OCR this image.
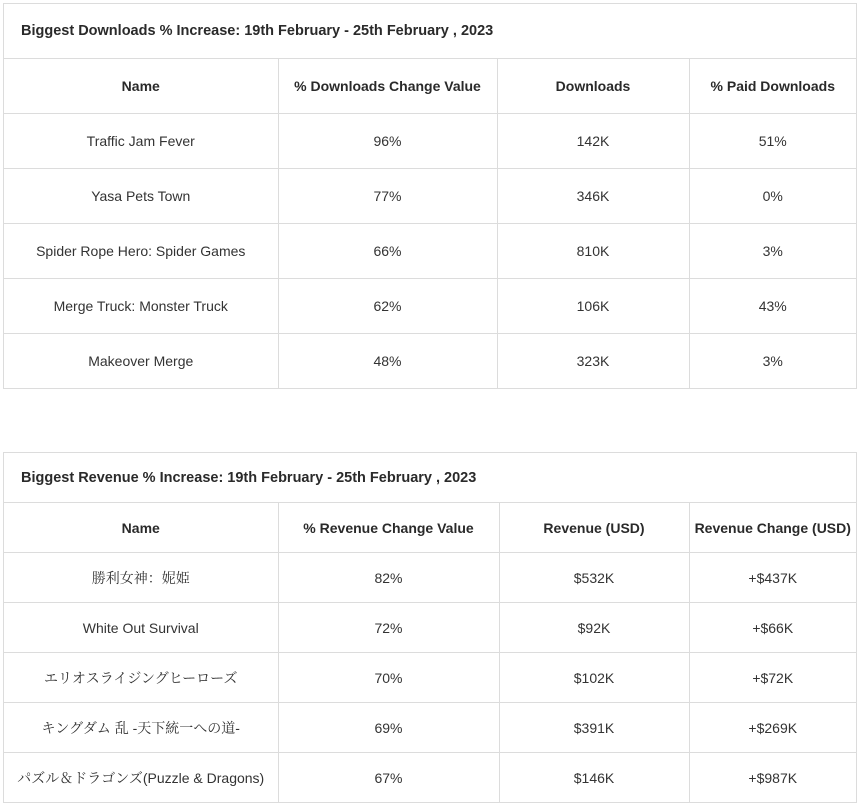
Biggest Downloads % Increase: 19th February - 25th February , 2023
Name	% Downloads Change Value	Downloads	% Paid Downloads
Traffic Jam Fever	96%	142K	51%
Yasa Pets Town	77%	346K	0%
Spider Rope Hero: Spider Games	66%	810K	3%
Merge Truck: Monster Truck	62%	106K	43%
Makeover Merge	48%	323K	3%
Biggest Revenue % Increase: 19th February - 25th February , 2023
Name	% Revenue Change Value	Revenue (USD)	Revenue Change (USD)
勝利女神：妮姫	82%	$532K	+$437K
White Out Survival	72%	$92K	+$66K
エリオスライジングヒーローズ	70%	$102K	+$72K
キングダム 乱 -天下統一への道-	69%	$391K	+$269K
パズル＆ドラゴンズ(Puzzle & Dragons)	67%	$146K	+$987K
